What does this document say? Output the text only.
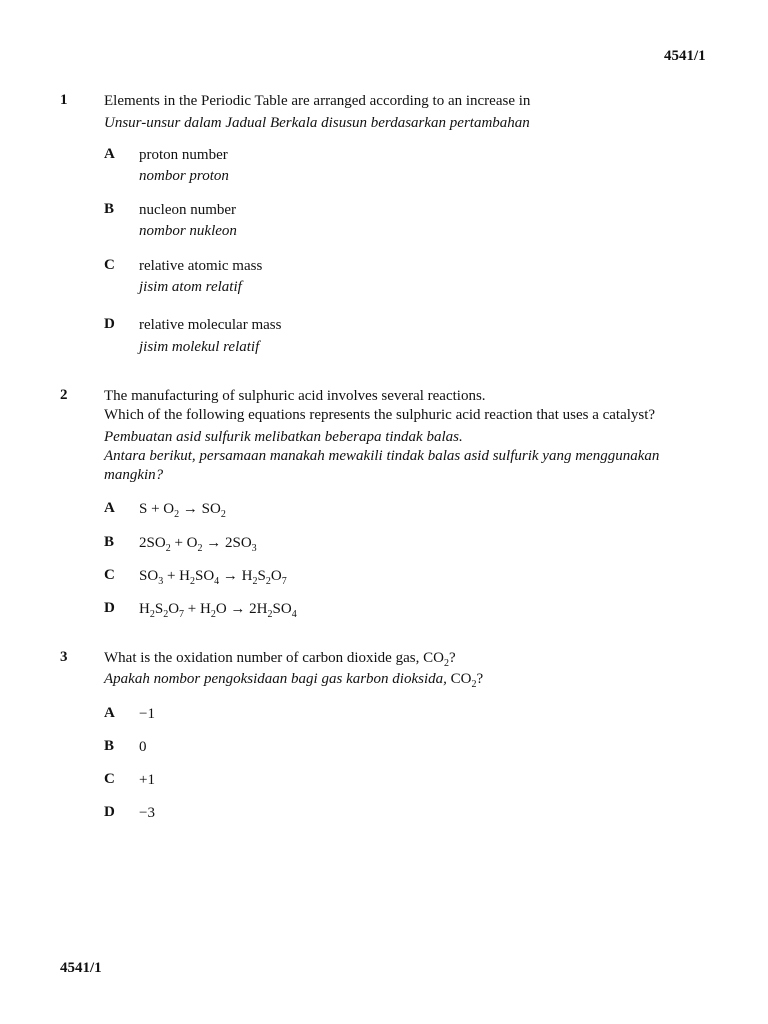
4541/1
1 Elements in the Periodic Table are arranged according to an increase in
Unsur-unsur dalam Jadual Berkala disusun berdasarkan pertambahan
A proton number
nombor proton
B nucleon number
nombor nukleon
C relative atomic mass
jisim atom relatif
D relative molecular mass
jisim molekul relatif
2 The manufacturing of sulphuric acid involves several reactions.
Which of the following equations represents the sulphuric acid reaction that uses a catalyst?
Pembuatan asid sulfurik melibatkan beberapa tindak balas.
Antara berikut, persamaan manakah mewakili tindak balas asid sulfurik yang menggunakan
mangkin?
A $S + O_2 \to SO_2$
B $2SO_2 + O_2 \to 2SO_3$
C $SO_3 + H_2SO_4 \to H_2S_2O_7$
D $H_2S_2O_7 + H_2O \to 2H_2SO_4$
3 What is the oxidation number of carbon dioxide gas, $CO_2$?
Apakah nombor pengoksidaan bagi gas karbon dioksida, $CO_2$?
A −1
B 0
C +1
D −3
4541/1
